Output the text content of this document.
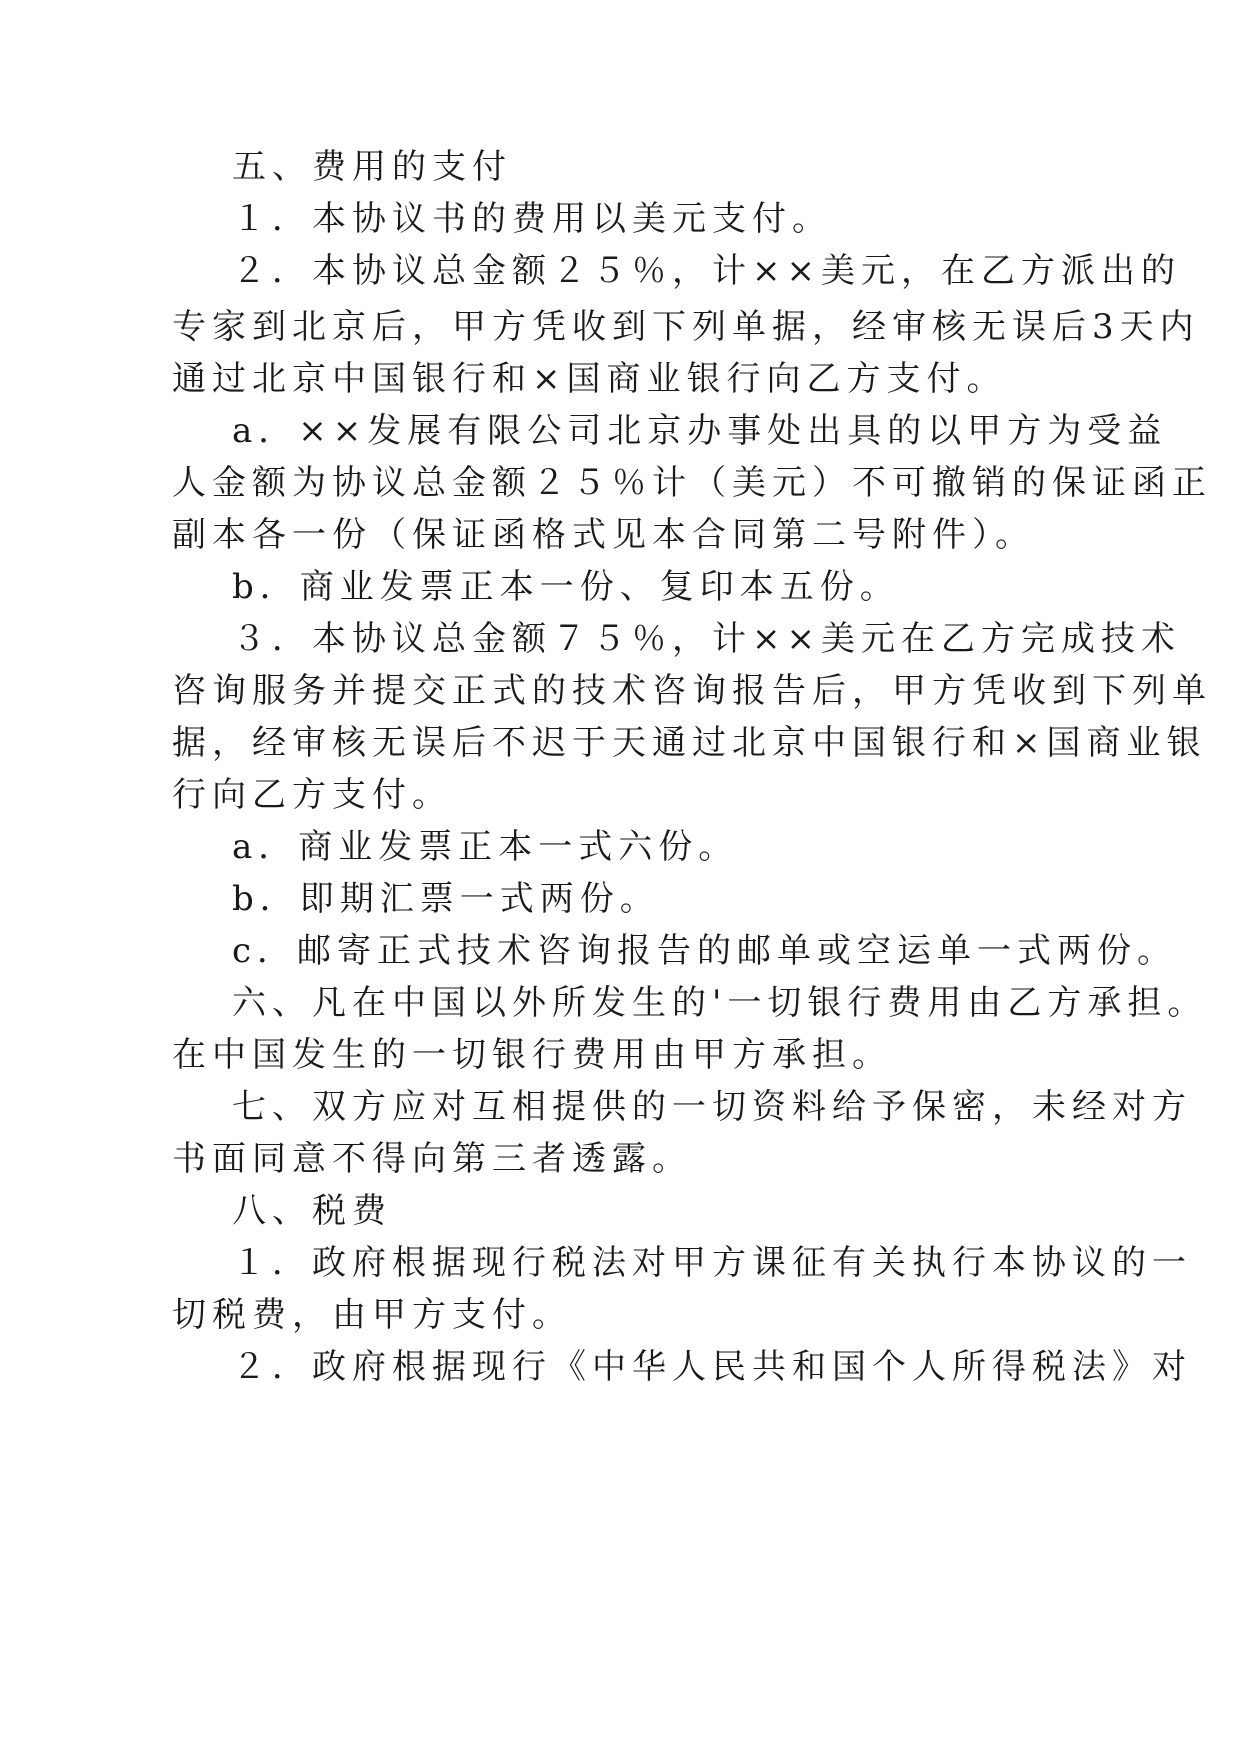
五、费用的支付

１．本协议书的费用以美元支付。

２．本协议总金额２５％，计××美元，在乙方派出的

专家到北京后，甲方凭收到下列单据，经审核无误后3天内

通过北京中国银行和×国商业银行向乙方支付。

a．××发展有限公司北京办事处出具的以甲方为受益

人金额为协议总金额２５％计（美元）不可撤销的保证函正

副本各一份（保证函格式见本合同第二号附件）。

b．商业发票正本一份、复印本五份。

３．本协议总金额７５％，计××美元在乙方完成技术

咨询服务并提交正式的技术咨询报告后，甲方凭收到下列单

据，经审核无误后不迟于天通过北京中国银行和×国商业银

行向乙方支付。

a．商业发票正本一式六份。

b．即期汇票一式两份。

c．邮寄正式技术咨询报告的邮单或空运单一式两份。

六、凡在中国以外所发生的'一切银行费用由乙方承担。

在中国发生的一切银行费用由甲方承担。

七、双方应对互相提供的一切资料给予保密，未经对方

书面同意不得向第三者透露。

八、税费

１．政府根据现行税法对甲方课征有关执行本协议的一

切税费，由甲方支付。

２．政府根据现行《中华人民共和国个人所得税法》对
